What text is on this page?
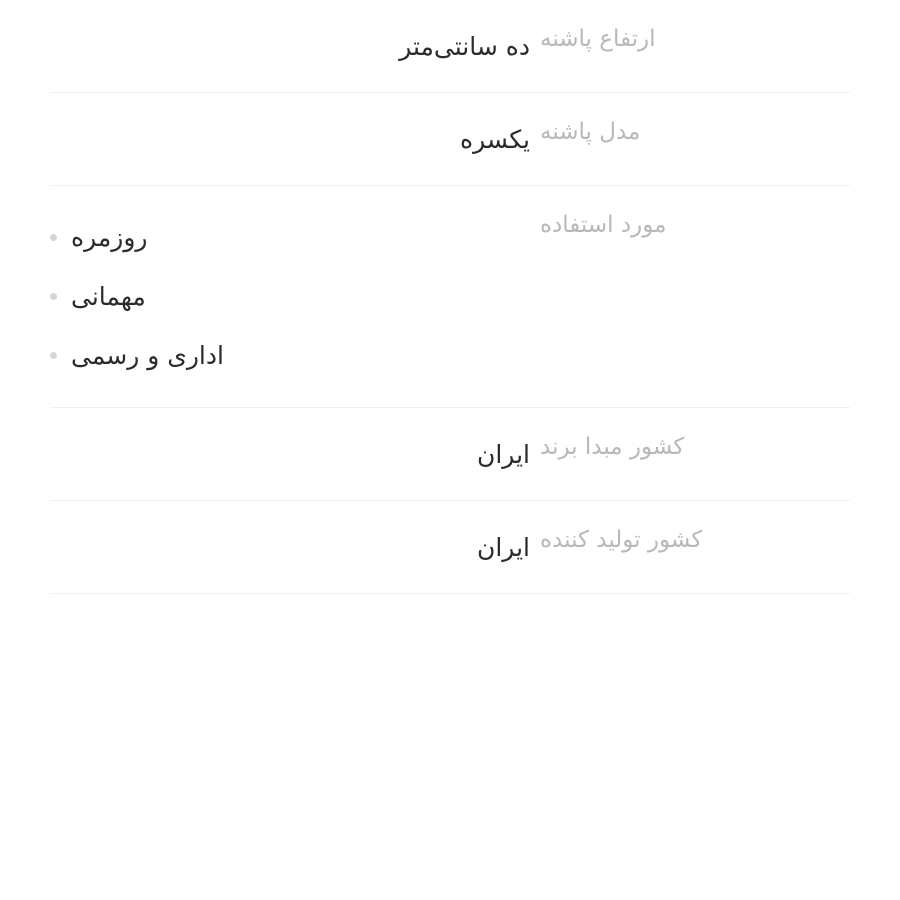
ارتفاع پاشنه
ده سانتی‌متر
مدل پاشنه
یکسره
مورد استفاده
روزمره
مهمانی
اداری و رسمی
کشور مبدا برند
ایران
کشور تولید کننده
ایران
